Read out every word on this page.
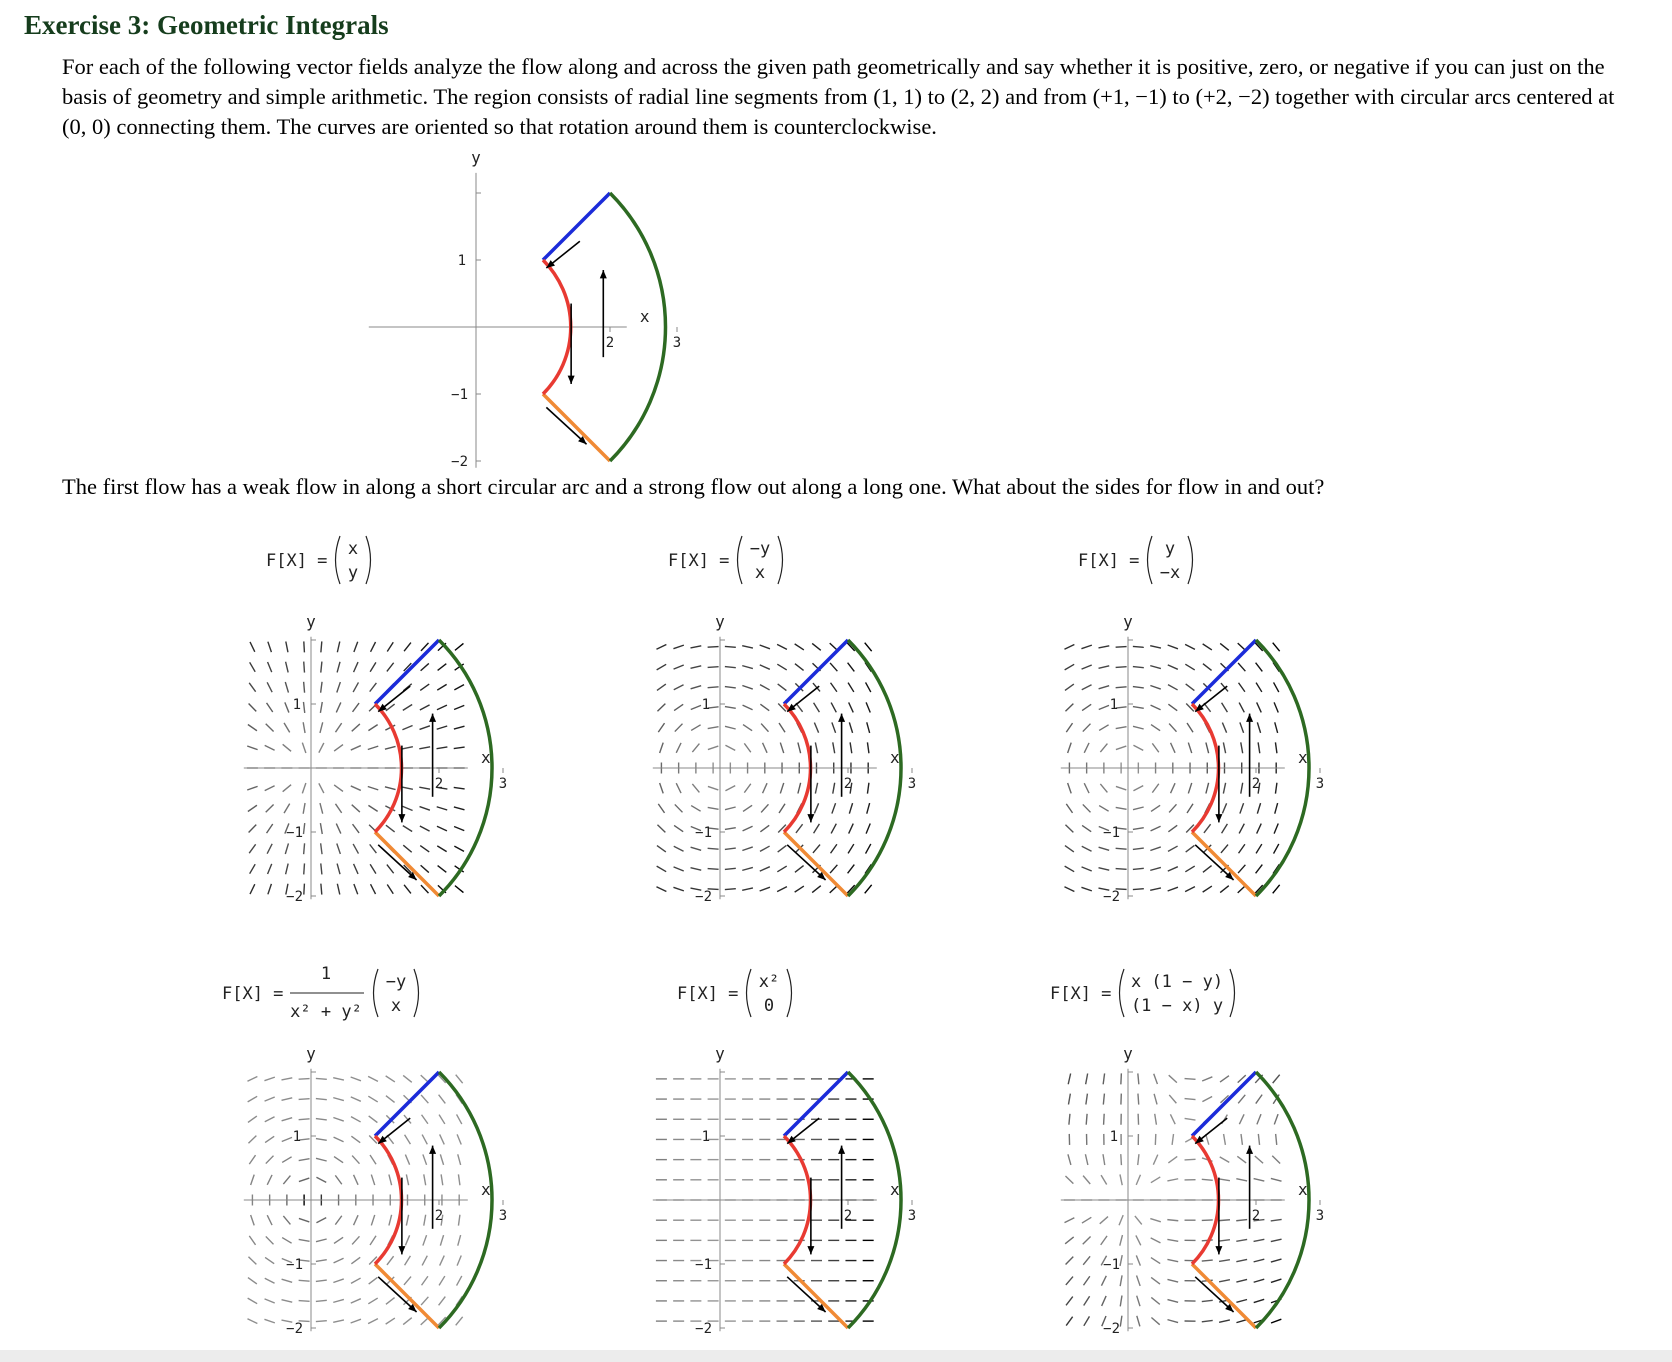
Exercise 3: Geometric Integrals
For each of the following vector fields analyze the flow along and across the given path geometrically and say whether it is positive, zero, or negative if you can just on the basis of geometry and simple arithmetic. The region consists of radial line segments from (1, 1) to (2, 2) and from (+1, −1) to (+2, −2) together with circular arcs centered at (0, 0) connecting them. The curves are oriented so that rotation around them is counterclockwise.
The first flow has a weak flow in along a short circular arc and a strong flow out along a long one. What about the sides for flow in and out?
2	3
1
−1
−2
x
y
F[X] =
x
y
2	3
1
−1
−2
x
y
F[X] =
−y
x
2	3
1
−1
−2
x
y
F[X] =
y
−x
2	3
1
−1
−2
x
y
F[X] =
1
x² + y²
−y
x
2	3
1
−1
−2
x
y
F[X] =
x²
0
2	3
1
−1
−2
x
y
F[X] =
x (1 − y)
(1 − x) y
2	3
1
−1
−2
x
y
